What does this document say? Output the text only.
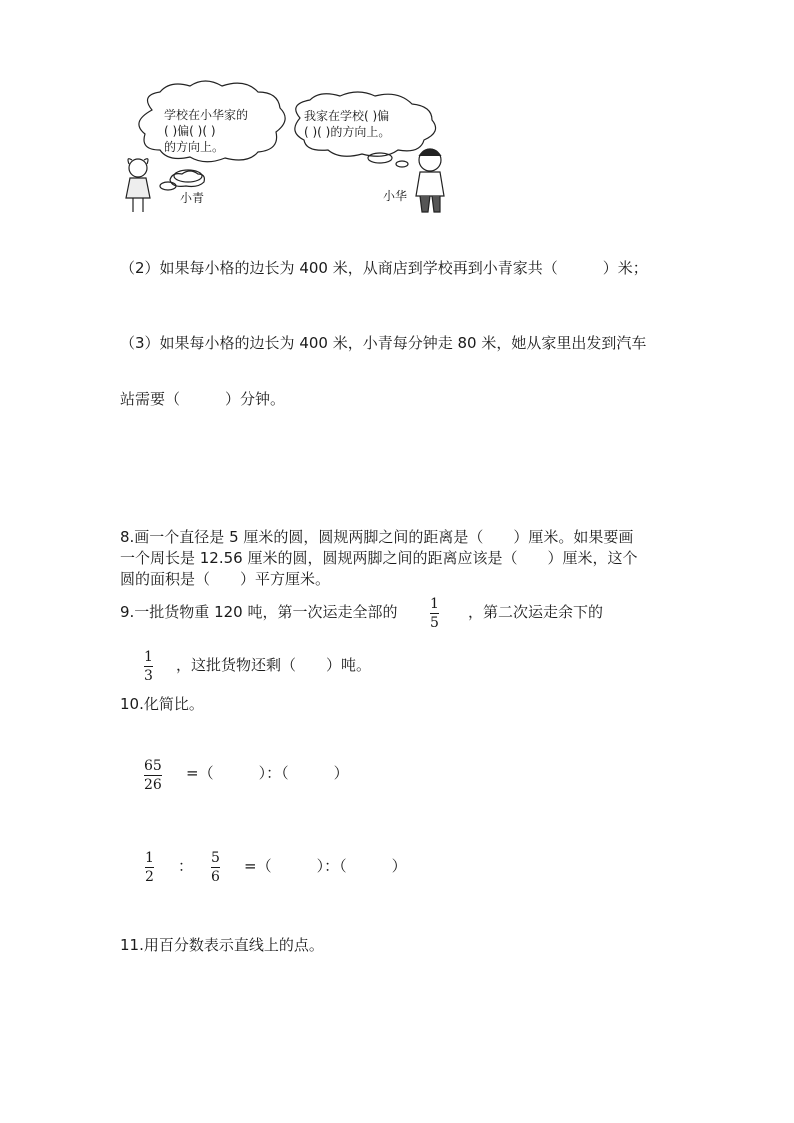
学校在小华家的
( )偏( )( )
的方向上。
我家在学校( )偏
( )( )的方向上。
小青	小华
（2）如果每小格的边长为 400 米，从商店到学校再到小青家共（　　　）米；
（3）如果每小格的边长为 400 米，小青每分钟走 80 米，她从家里出发到汽车
站需要（　　　）分钟。
8.画一个直径是 5 厘米的圆，圆规两脚之间的距离是（　　）厘米。如果要画
一个周长是 12.56 厘米的圆，圆规两脚之间的距离应该是（　　）厘米，这个
圆的面积是（　　）平方厘米。
9.一批货物重 120 吨，第一次运走全部的 1
5
，第二次运走余下的
1
3
，这批货物还剩（　　）吨。
10.化简比。
65
26
=（　　　）：（　　　）
1
2
： 5
6
=（　　　）：（　　　）
11.用百分数表示直线上的点。
